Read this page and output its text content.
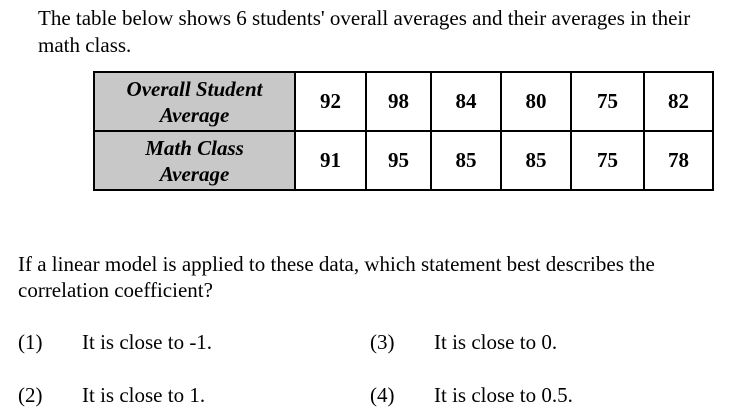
The table below shows 6 students' overall averages and their averages in their math class.
Overall Student
Average	92	98	84	80	75	82

Math Class
Average	91	95	85	85	75	78
If a linear model is applied to these data, which statement best describes the correlation coefficient?
(1) It is close to -1.	(3) It is close to 0.
(2) It is close to 1.	(4) It is close to 0.5.
